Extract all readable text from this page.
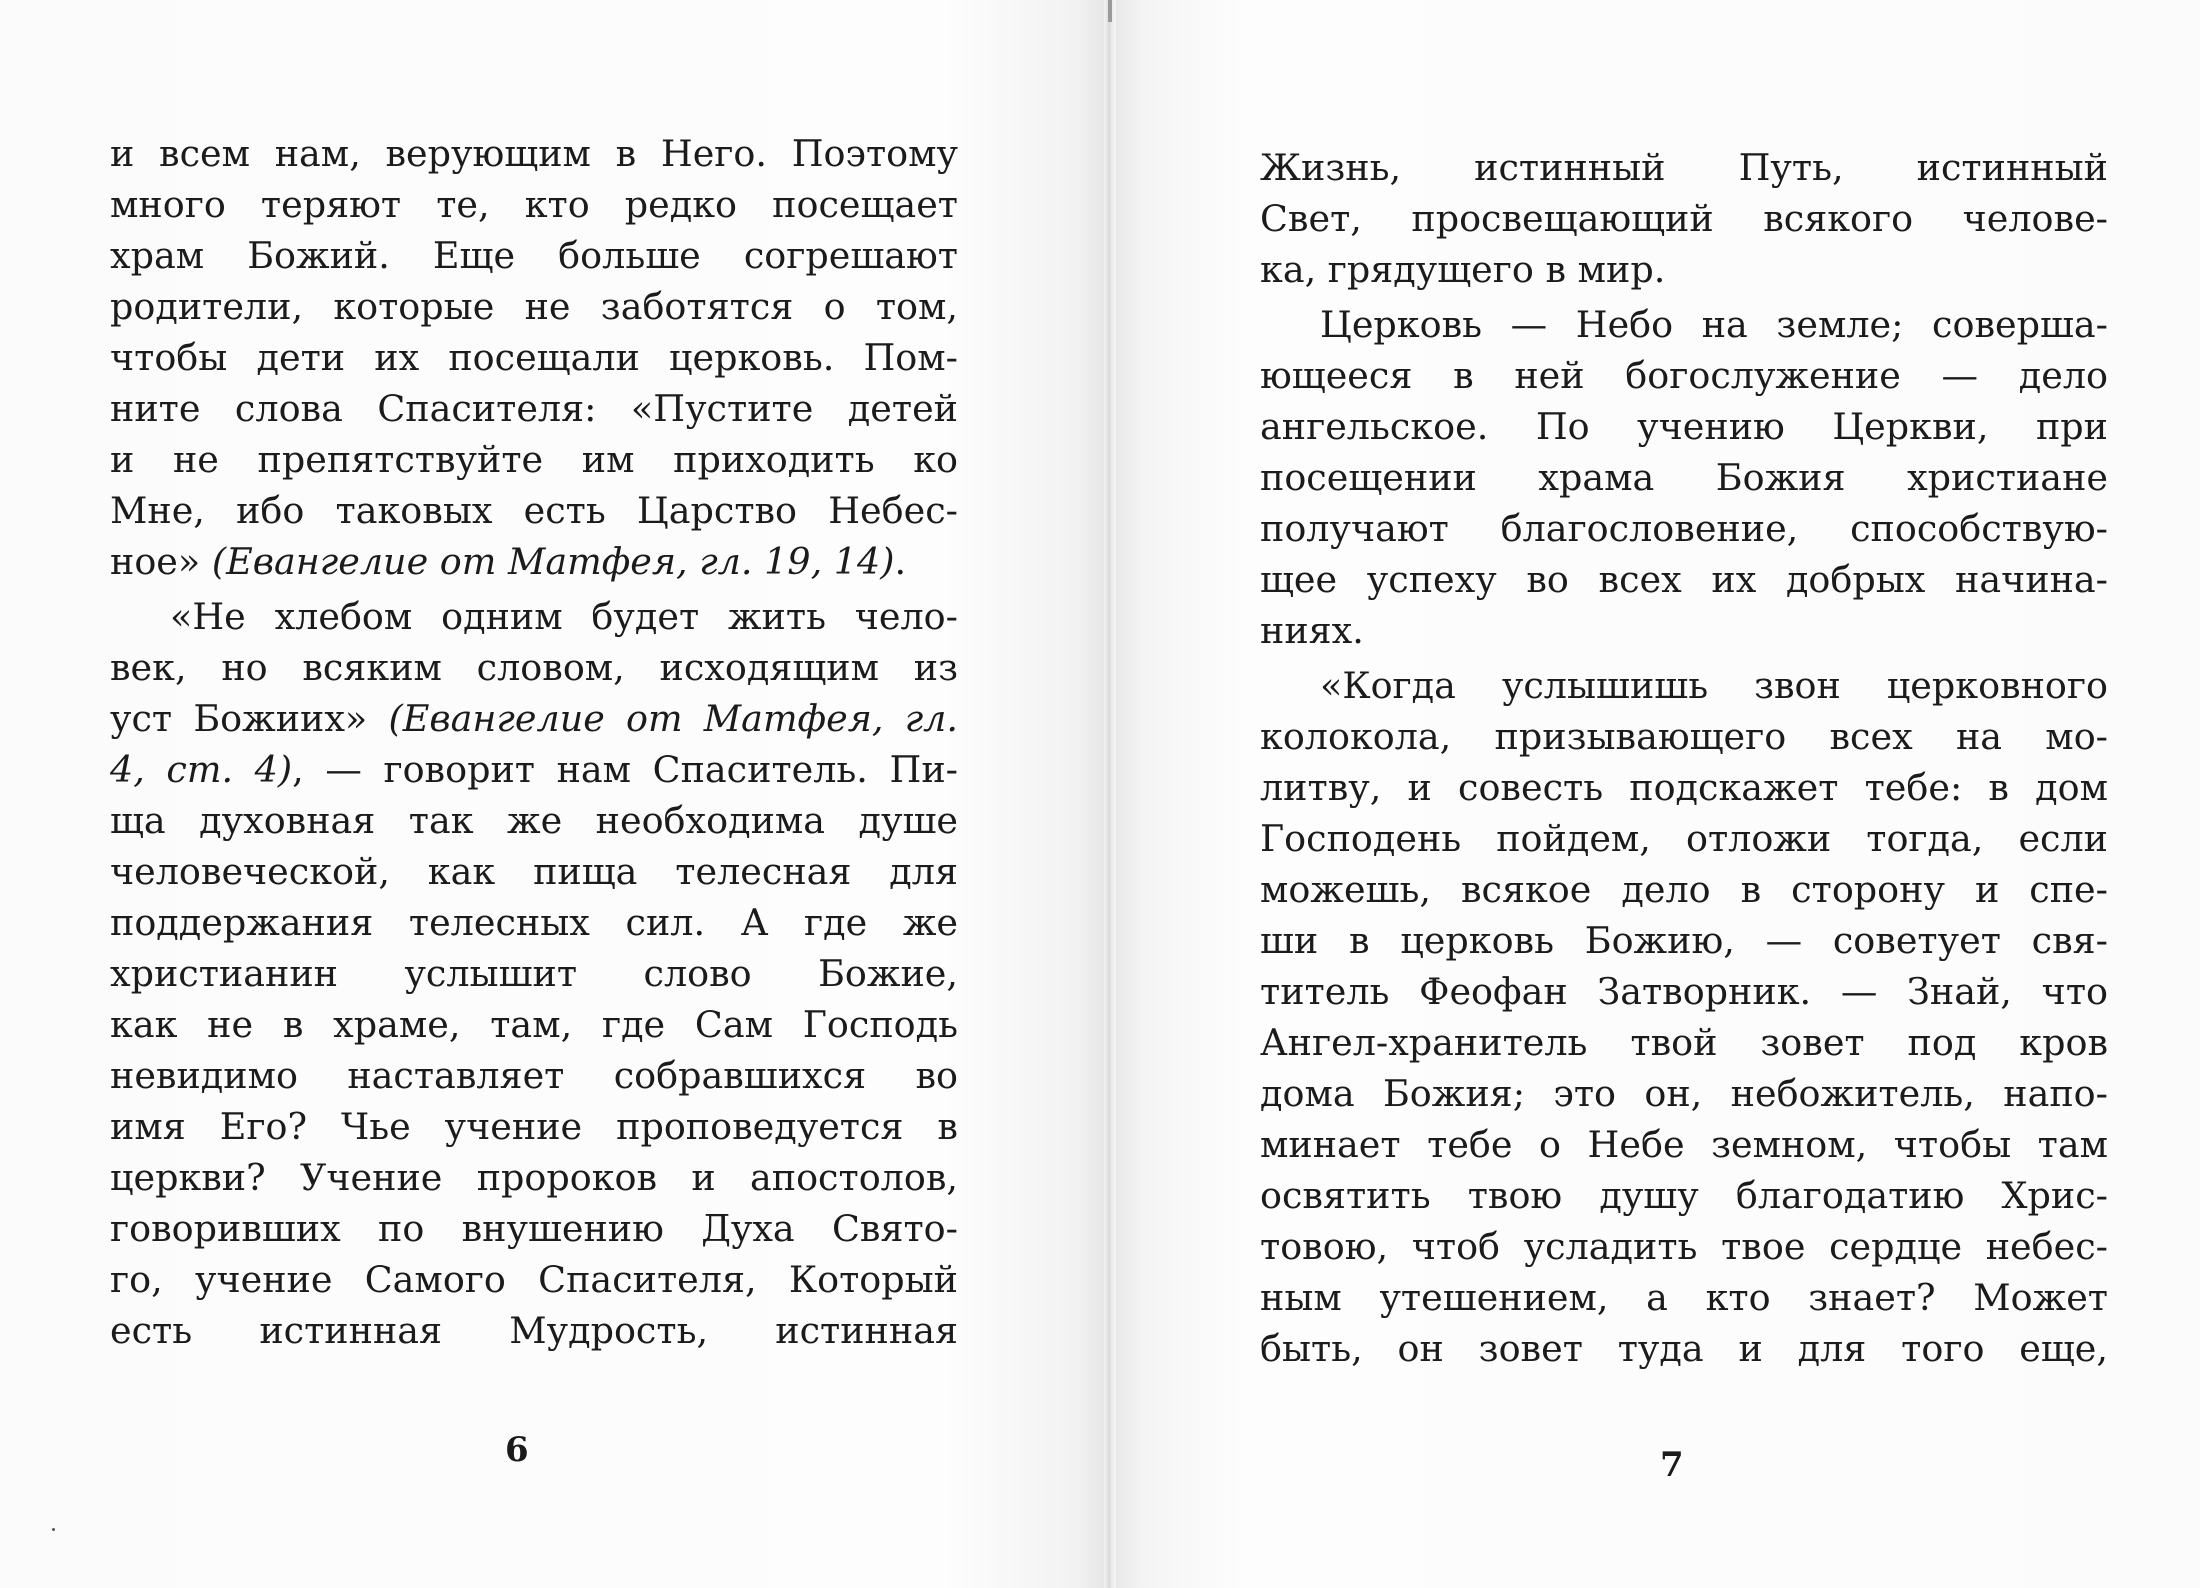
и всем нам, верующим в Него. Поэтому
много теряют те, кто редко посещает
храм Божий. Еще больше согрешают
родители, которые не заботятся о том,
чтобы дети их посещали церковь. Пом-
ните слова Спасителя: «Пустите детей
и не препятствуйте им приходить ко
Мне, ибо таковых есть Царство Небес-
ное» (Евангелие от Матфея, гл. 19, 14).
«Не хлебом одним будет жить чело-
век, но всяким словом, исходящим из
уст Божиих» (Евангелие от Матфея, гл.
4, ст. 4), — говорит нам Спаситель. Пи-
ща духовная так же необходима душе
человеческой, как пища телесная для
поддержания телесных сил. А где же
христианин услышит слово Божие,
как не в храме, там, где Сам Господь
невидимо наставляет собравшихся во
имя Его? Чье учение проповедуется в
церкви? Учение пророков и апостолов,
говоривших по внушению Духа Свято-
го, учение Самого Спасителя, Который
есть истинная Мудрость, истинная
6
Жизнь, истинный Путь, истинный
Свет, просвещающий всякого челове-
ка, грядущего в мир.
Церковь — Небо на земле; соверша-
ющееся в ней богослужение — дело
ангельское. По учению Церкви, при
посещении храма Божия христиане
получают благословение, способствую-
щее успеху во всех их добрых начина-
ниях.
«Когда услышишь звон церковного
колокола, призывающего всех на мо-
литву, и совесть подскажет тебе: в дом
Господень пойдем, отложи тогда, если
можешь, всякое дело в сторону и спе-
ши в церковь Божию, — советует свя-
титель Феофан Затворник. — Знай, что
Ангел-хранитель твой зовет под кров
дома Божия; это он, небожитель, напо-
минает тебе о Небе земном, чтобы там
освятить твою душу благодатию Хрис-
товою, чтоб усладить твое сердце небес-
ным утешением, а кто знает? Может
быть, он зовет туда и для того еще,
7
